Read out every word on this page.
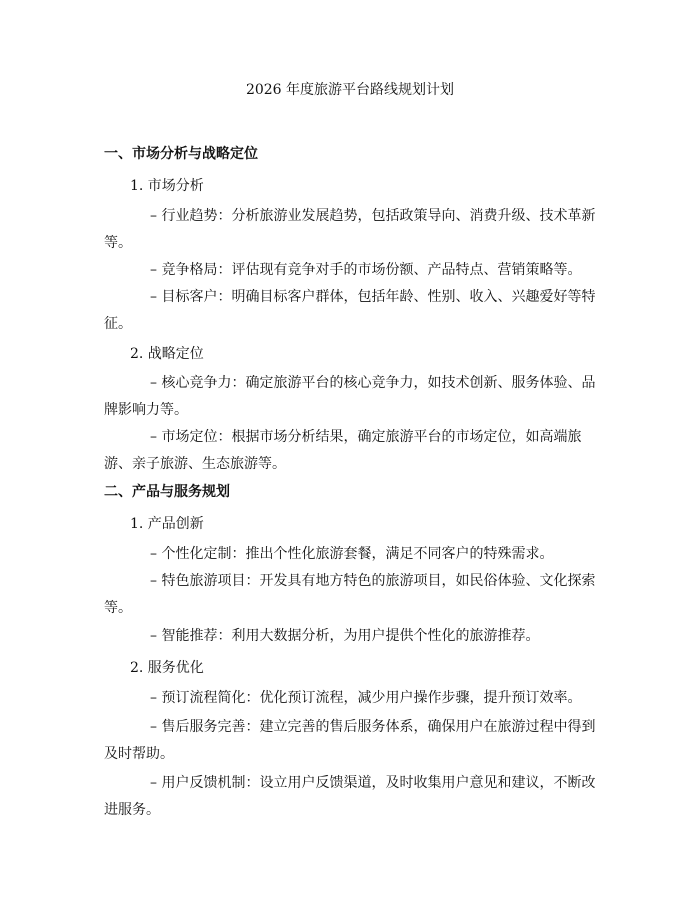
2026 年度旅游平台路线规划计划
一、市场分析与战略定位
1. 市场分析
– 行业趋势：分析旅游业发展趋势，包括政策导向、消费升级、技术革新等。
– 竞争格局：评估现有竞争对手的市场份额、产品特点、营销策略等。
– 目标客户：明确目标客户群体，包括年龄、性别、收入、兴趣爱好等特征。
2. 战略定位
– 核心竞争力：确定旅游平台的核心竞争力，如技术创新、服务体验、品牌影响力等。
– 市场定位：根据市场分析结果，确定旅游平台的市场定位，如高端旅游、亲子旅游、生态旅游等。
二、产品与服务规划
1. 产品创新
– 个性化定制：推出个性化旅游套餐，满足不同客户的特殊需求。
– 特色旅游项目：开发具有地方特色的旅游项目，如民俗体验、文化探索等。
– 智能推荐：利用大数据分析，为用户提供个性化的旅游推荐。
2. 服务优化
– 预订流程简化：优化预订流程，减少用户操作步骤，提升预订效率。
– 售后服务完善：建立完善的售后服务体系，确保用户在旅游过程中得到及时帮助。
– 用户反馈机制：设立用户反馈渠道，及时收集用户意见和建议，不断改进服务。
